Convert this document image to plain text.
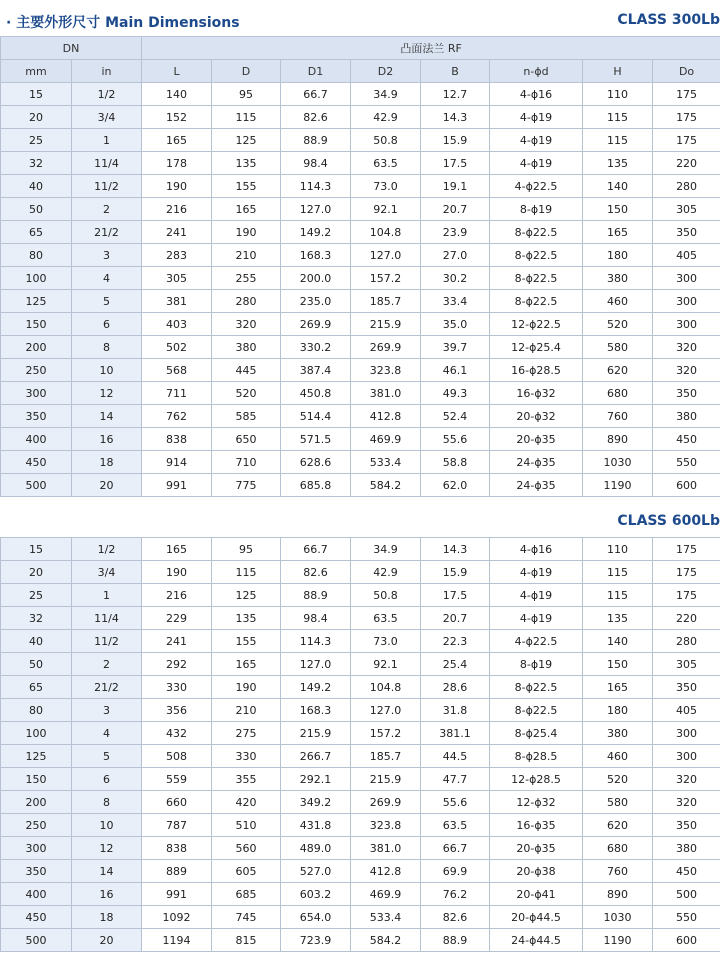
· 主要外形尺寸 Main Dimensions	CLASS 300Lb
DN		凸面法兰 RF							
mm	in	L	D	D1	D2	B	n-ϕd	H	Do
15	1/2	140	95	66.7	34.9	12.7	4-ϕ16	110	175
20	3/4	152	115	82.6	42.9	14.3	4-ϕ19	115	175
25	1	165	125	88.9	50.8	15.9	4-ϕ19	115	175
32	11/4	178	135	98.4	63.5	17.5	4-ϕ19	135	220
40	11/2	190	155	114.3	73.0	19.1	4-ϕ22.5	140	280
50	2	216	165	127.0	92.1	20.7	8-ϕ19	150	305
65	21/2	241	190	149.2	104.8	23.9	8-ϕ22.5	165	350
80	3	283	210	168.3	127.0	27.0	8-ϕ22.5	180	405
100	4	305	255	200.0	157.2	30.2	8-ϕ22.5	380	300
125	5	381	280	235.0	185.7	33.4	8-ϕ22.5	460	300
150	6	403	320	269.9	215.9	35.0	12-ϕ22.5	520	300
200	8	502	380	330.2	269.9	39.7	12-ϕ25.4	580	320
250	10	568	445	387.4	323.8	46.1	16-ϕ28.5	620	320
300	12	711	520	450.8	381.0	49.3	16-ϕ32	680	350
350	14	762	585	514.4	412.8	52.4	20-ϕ32	760	380
400	16	838	650	571.5	469.9	55.6	20-ϕ35	890	450
450	18	914	710	628.6	533.4	58.8	24-ϕ35	1030	550
500	20	991	775	685.8	584.2	62.0	24-ϕ35	1190	600
CLASS 600Lb
15	1/2	165	95	66.7	34.9	14.3	4-ϕ16	110	175
20	3/4	190	115	82.6	42.9	15.9	4-ϕ19	115	175
25	1	216	125	88.9	50.8	17.5	4-ϕ19	115	175
32	11/4	229	135	98.4	63.5	20.7	4-ϕ19	135	220
40	11/2	241	155	114.3	73.0	22.3	4-ϕ22.5	140	280
50	2	292	165	127.0	92.1	25.4	8-ϕ19	150	305
65	21/2	330	190	149.2	104.8	28.6	8-ϕ22.5	165	350
80	3	356	210	168.3	127.0	31.8	8-ϕ22.5	180	405
100	4	432	275	215.9	157.2	381.1	8-ϕ25.4	380	300
125	5	508	330	266.7	185.7	44.5	8-ϕ28.5	460	300
150	6	559	355	292.1	215.9	47.7	12-ϕ28.5	520	320
200	8	660	420	349.2	269.9	55.6	12-ϕ32	580	320
250	10	787	510	431.8	323.8	63.5	16-ϕ35	620	350
300	12	838	560	489.0	381.0	66.7	20-ϕ35	680	380
350	14	889	605	527.0	412.8	69.9	20-ϕ38	760	450
400	16	991	685	603.2	469.9	76.2	20-ϕ41	890	500
450	18	1092	745	654.0	533.4	82.6	20-ϕ44.5	1030	550
500	20	1194	815	723.9	584.2	88.9	24-ϕ44.5	1190	600
